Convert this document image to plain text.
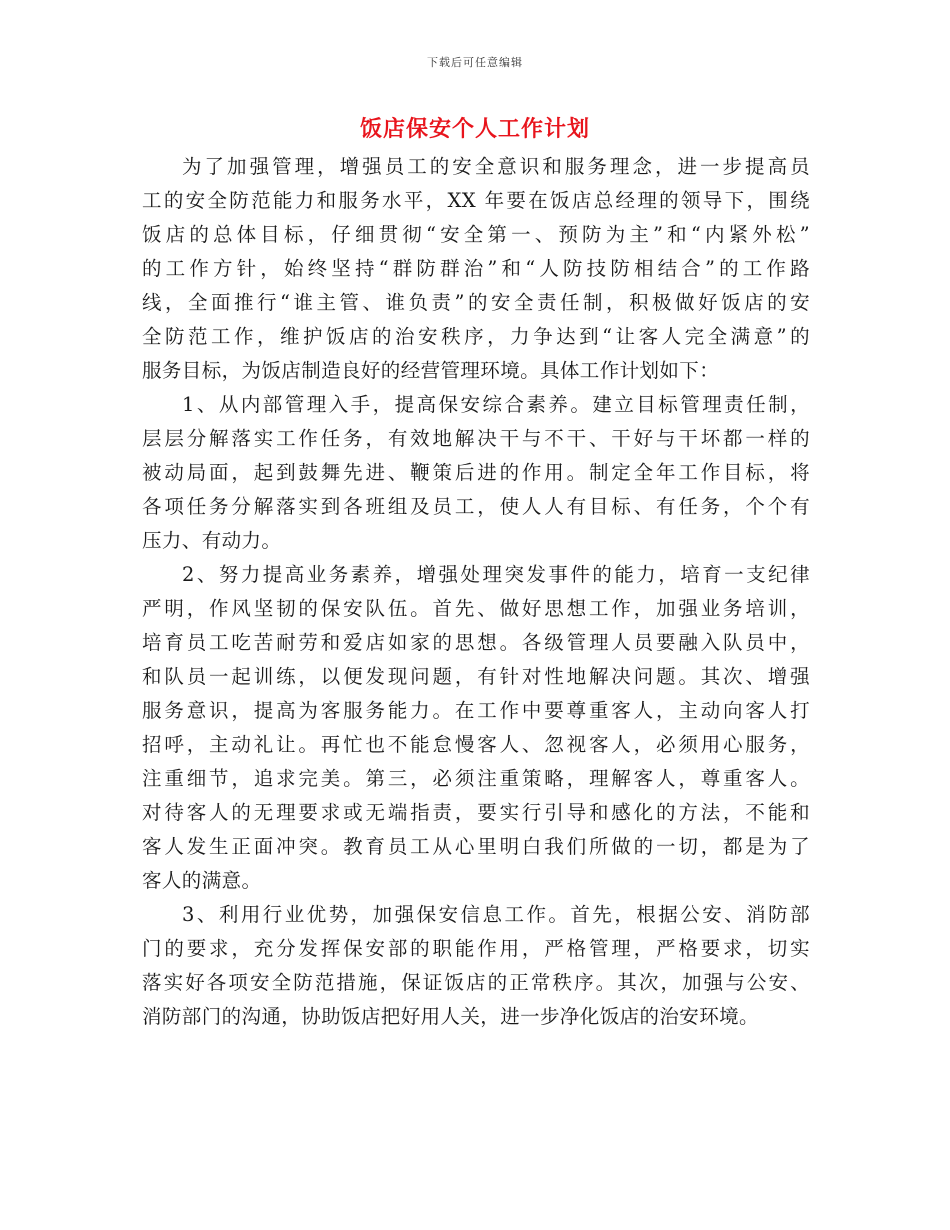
下载后可任意编辑
饭店保安个人工作计划
为了加强管理，增强员工的安全意识和服务理念，进一步提高员
工的安全防范能力和服务水平，XX 年要在饭店总经理的领导下，围绕
饭店的总体目标，仔细贯彻“安全第一、预防为主”和“内紧外松”
的工作方针，始终坚持“群防群治”和“人防技防相结合”的工作路
线，全面推行“谁主管、谁负责”的安全责任制，积极做好饭店的安
全防范工作，维护饭店的治安秩序，力争达到“让客人完全满意”的
服务目标，为饭店制造良好的经营管理环境。具体工作计划如下：
1、从内部管理入手，提高保安综合素养。建立目标管理责任制，
层层分解落实工作任务，有效地解决干与不干、干好与干坏都一样的
被动局面，起到鼓舞先进、鞭策后进的作用。制定全年工作目标，将
各项任务分解落实到各班组及员工，使人人有目标、有任务，个个有
压力、有动力。
2、努力提高业务素养，增强处理突发事件的能力，培育一支纪律
严明，作风坚韧的保安队伍。首先、做好思想工作，加强业务培训，
培育员工吃苦耐劳和爱店如家的思想。各级管理人员要融入队员中，
和队员一起训练，以便发现问题，有针对性地解决问题。其次、增强
服务意识，提高为客服务能力。在工作中要尊重客人，主动向客人打
招呼，主动礼让。再忙也不能怠慢客人、忽视客人，必须用心服务，
注重细节，追求完美。第三，必须注重策略，理解客人，尊重客人。
对待客人的无理要求或无端指责，要实行引导和感化的方法，不能和
客人发生正面冲突。教育员工从心里明白我们所做的一切，都是为了
客人的满意。
3、利用行业优势，加强保安信息工作。首先，根据公安、消防部
门的要求，充分发挥保安部的职能作用，严格管理，严格要求，切实
落实好各项安全防范措施，保证饭店的正常秩序。其次，加强与公安、
消防部门的沟通，协助饭店把好用人关，进一步净化饭店的治安环境。
